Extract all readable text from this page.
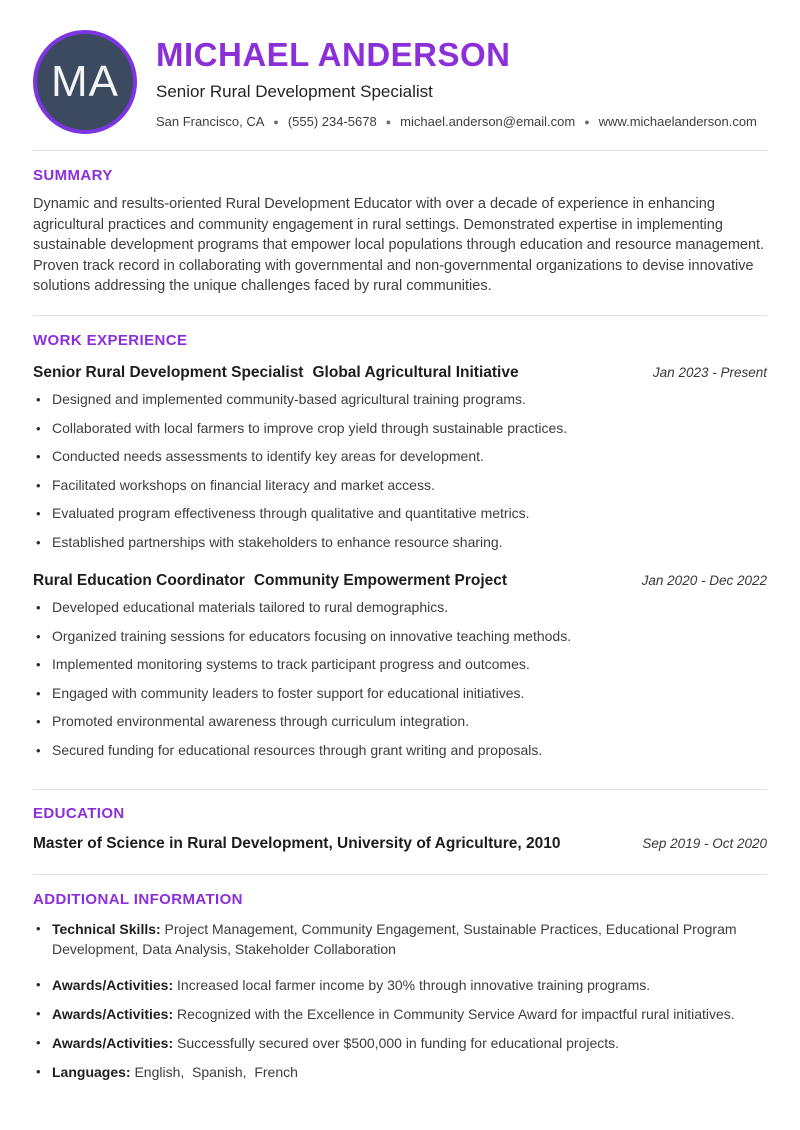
MA
MICHAEL ANDERSON
Senior Rural Development Specialist
San Francisco, CA ● (555) 234-5678 ● michael.anderson@email.com ● www.michaelanderson.com
SUMMARY

Dynamic and results-oriented Rural Development Educator with over a decade of experience in enhancing agricultural practices and community engagement in rural settings. Demonstrated expertise in implementing sustainable development programs that empower local populations through education and resource management. Proven track record in collaborating with governmental and non-governmental organizations to devise innovative solutions addressing the unique challenges faced by rural communities.

WORK EXPERIENCE
Senior Rural Development Specialist Global Agricultural Initiative	Jan 2023 - Present
• Designed and implemented community-based agricultural training programs.
• Collaborated with local farmers to improve crop yield through sustainable practices.
• Conducted needs assessments to identify key areas for development.
• Facilitated workshops on financial literacy and market access.
• Evaluated program effectiveness through qualitative and quantitative metrics.
• Established partnerships with stakeholders to enhance resource sharing.
Rural Education Coordinator Community Empowerment Project	Jan 2020 - Dec 2022
• Developed educational materials tailored to rural demographics.
• Organized training sessions for educators focusing on innovative teaching methods.
• Implemented monitoring systems to track participant progress and outcomes.
• Engaged with community leaders to foster support for educational initiatives.
• Promoted environmental awareness through curriculum integration.
• Secured funding for educational resources through grant writing and proposals.
EDUCATION
Master of Science in Rural Development, University of Agriculture, 2010	Sep 2019 - Oct 2020
ADDITIONAL INFORMATION
• Technical Skills: Project Management, Community Engagement, Sustainable Practices, Educational Program Development, Data Analysis, Stakeholder Collaboration
• Awards/Activities: Increased local farmer income by 30% through innovative training programs.
• Awards/Activities: Recognized with the Excellence in Community Service Award for impactful rural initiatives.
• Awards/Activities: Successfully secured over $500,000 in funding for educational projects.
• Languages: English,  Spanish,  French
